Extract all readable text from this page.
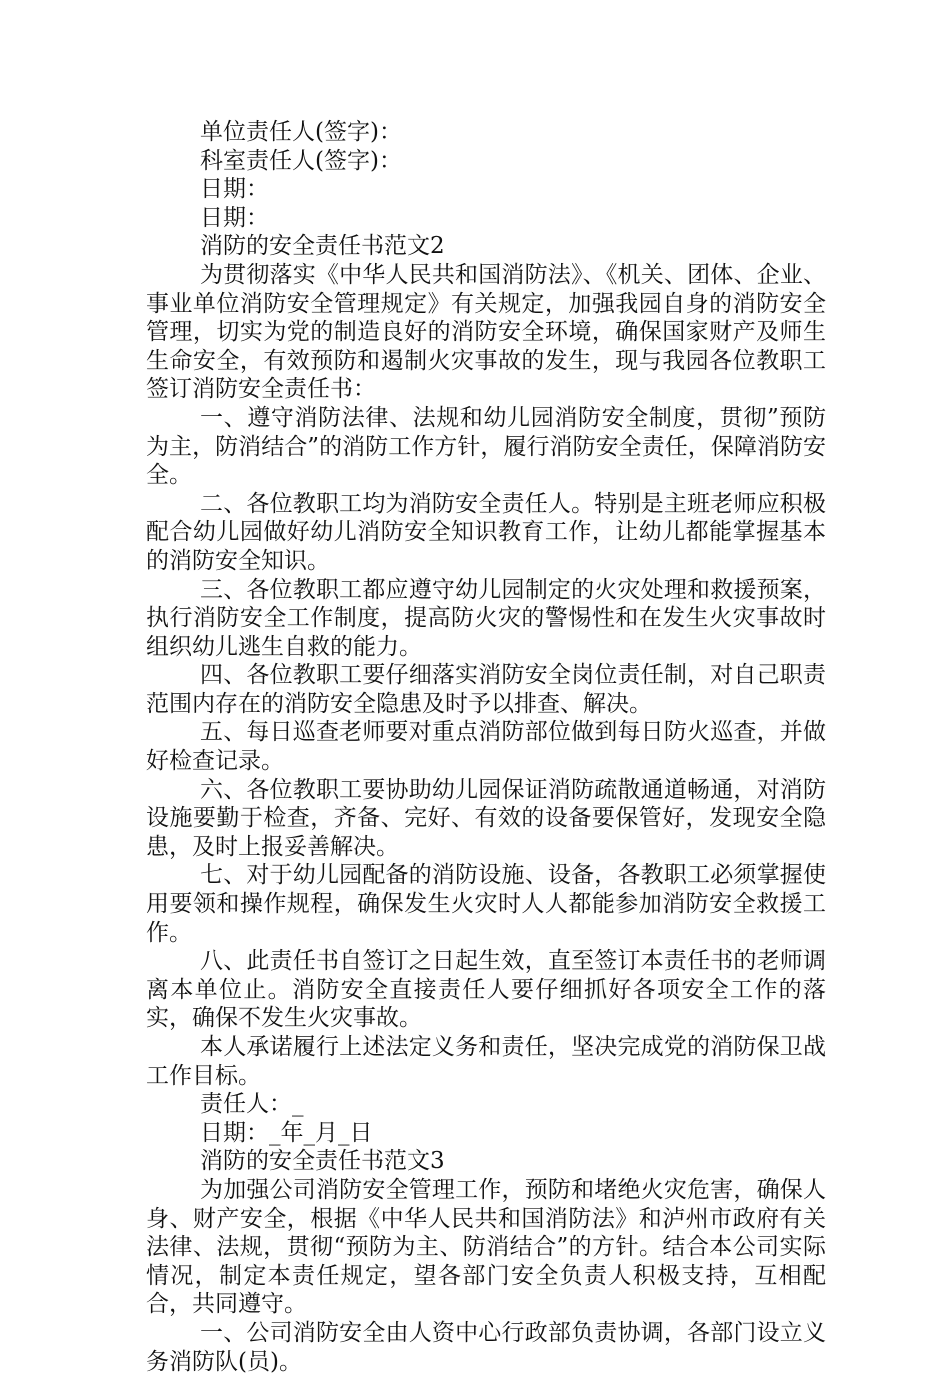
单位责任人(签字)：

科室责任人(签字)：

日期：

日期：

消防的安全责任书范文2

为贯彻落实《中华人民共和国消防法》、《机关、团体、企业、事业单位消防安全管理规定》有关规定，加强我园自身的消防安全管理，切实为党的制造良好的消防安全环境，确保国家财产及师生生命安全，有效预防和遏制火灾事故的发生，现与我园各位教职工签订消防安全责任书：

一、遵守消防法律、法规和幼儿园消防安全制度，贯彻”预防为主，防消结合”的消防工作方针，履行消防安全责任，保障消防安全。

二、各位教职工均为消防安全责任人。特别是主班老师应积极配合幼儿园做好幼儿消防安全知识教育工作，让幼儿都能掌握基本的消防安全知识。

三、各位教职工都应遵守幼儿园制定的火灾处理和救援预案，执行消防安全工作制度，提高防火灾的警惕性和在发生火灾事故时组织幼儿逃生自救的能力。

四、各位教职工要仔细落实消防安全岗位责任制，对自己职责范围内存在的消防安全隐患及时予以排查、解决。

五、每日巡查老师要对重点消防部位做到每日防火巡查，并做好检查记录。

六、各位教职工要协助幼儿园保证消防疏散通道畅通，对消防设施要勤于检查，齐备、完好、有效的设备要保管好，发现安全隐患，及时上报妥善解决。

七、对于幼儿园配备的消防设施、设备，各教职工必须掌握使用要领和操作规程，确保发生火灾时人人都能参加消防安全救援工作。

八、此责任书自签订之日起生效，直至签订本责任书的老师调离本单位止。消防安全直接责任人要仔细抓好各项安全工作的落实，确保不发生火灾事故。

本人承诺履行上述法定义务和责任，坚决完成党的消防保卫战工作目标。

责任人：_

日期：_年_月_日

消防的安全责任书范文3

为加强公司消防安全管理工作，预防和堵绝火灾危害，确保人身、财产安全，根据《中华人民共和国消防法》和泸州市政府有关法律、法规，贯彻“预防为主、防消结合”的方针。结合本公司实际情况，制定本责任规定，望各部门安全负责人积极支持，互相配合，共同遵守。

一、公司消防安全由人资中心行政部负责协调，各部门设立义务消防队(员)。
